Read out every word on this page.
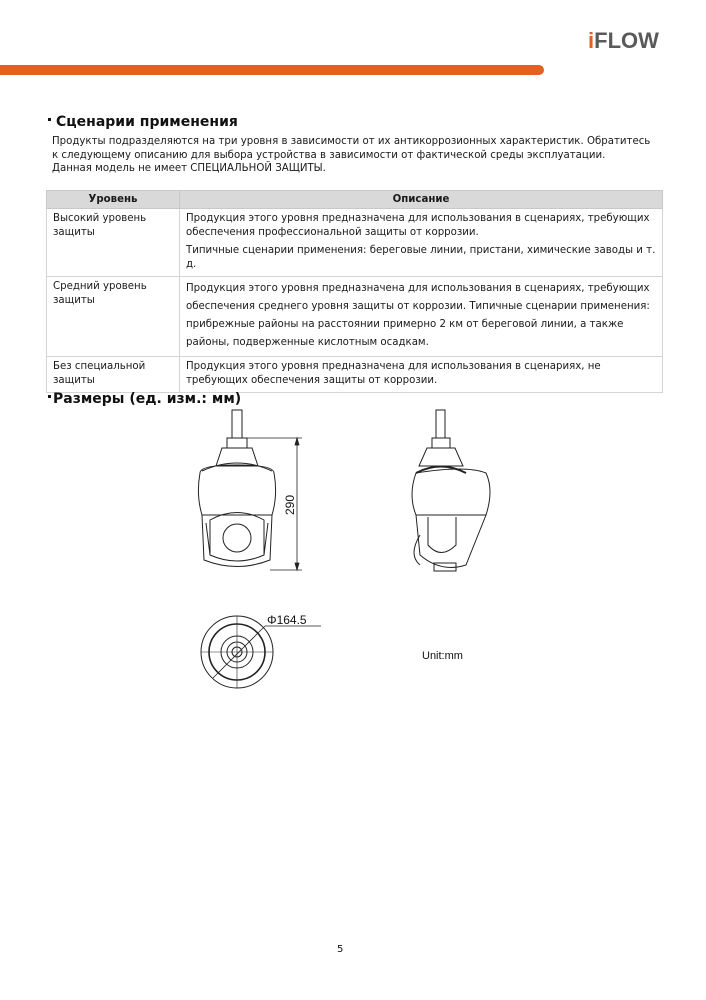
iFLOW
Сценарии применения
Продукты подразделяются на три уровня в зависимости от их антикоррозионных характеристик. Обратитесь
к следующему описанию для выбора устройства в зависимости от фактической среды эксплуатации.
Данная модель не имеет СПЕЦИАЛЬНОЙ ЗАЩИТЫ.
Уровень	Описание
Высокий уровень защиты	Продукция этого уровня предназначена для использования в сценариях, требующих обеспечения профессиональной защиты от коррозии.

Типичные сценарии применения: береговые линии, пристани, химические заводы и т. д.

Средний уровень защиты	Продукция этого уровня предназначена для использования в сценариях, требующих обеспечения среднего уровня защиты от коррозии. Типичные сценарии применения: прибрежные районы на расстоянии примерно 2 км от береговой линии, а также районы, подверженные кислотным осадкам.

Без специальной защиты	Продукция этого уровня предназначена для использования в сценариях, не требующих обеспечения защиты от коррозии.

Размеры (ед. изм.: мм)
290
Φ164.5
Unit:mm
5
